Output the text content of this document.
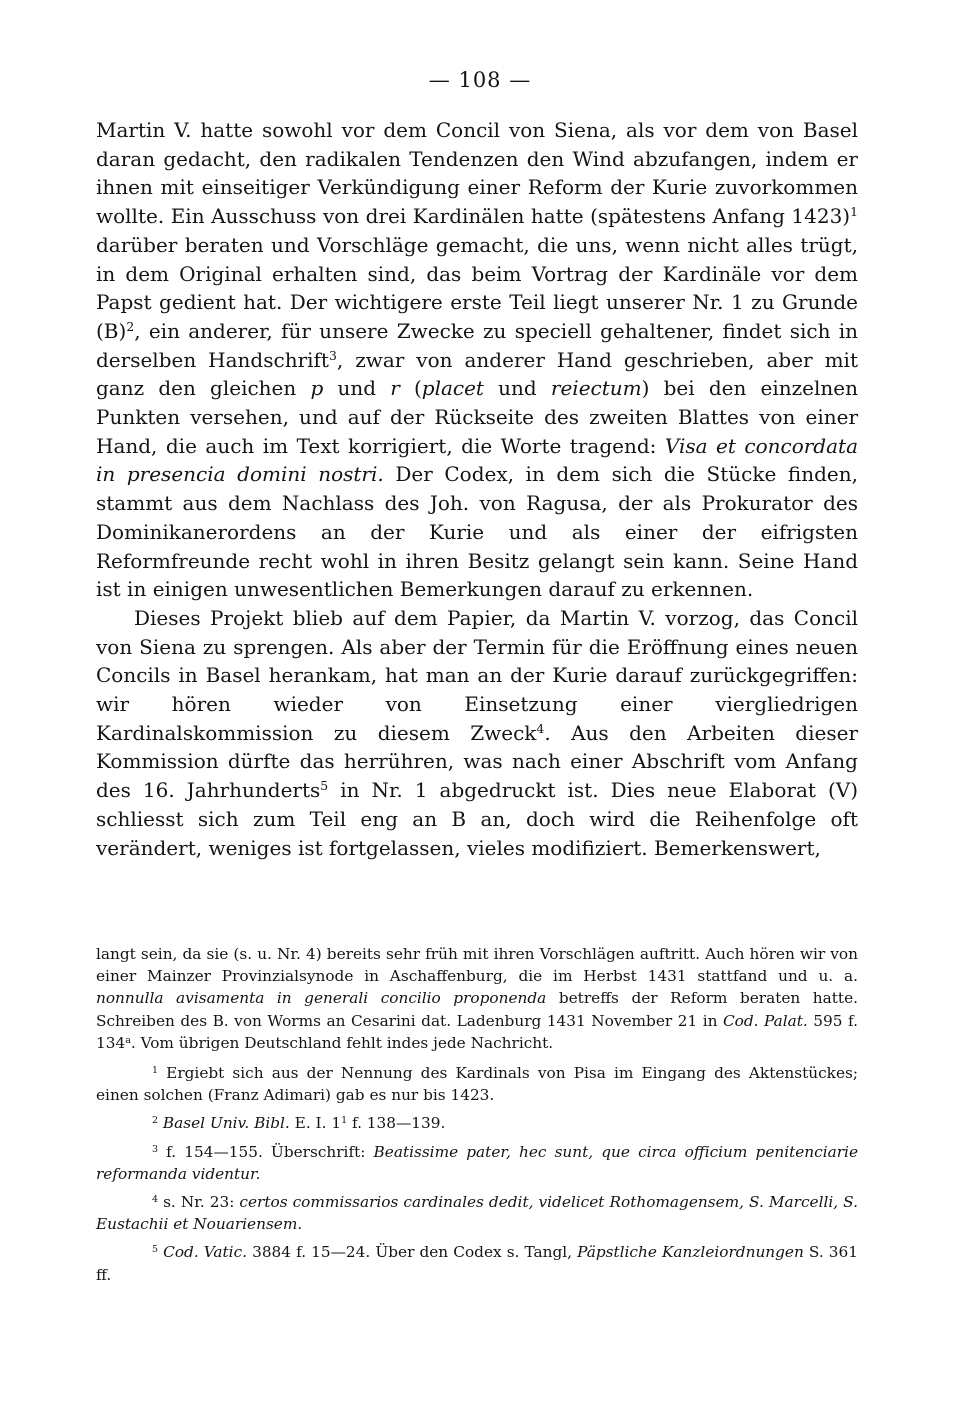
— 108 —

Martin V. hatte sowohl vor dem Concil von Siena, als vor dem von Basel daran gedacht, den radikalen Tendenzen den Wind abzufangen, indem er ihnen mit einseitiger Verkündigung einer Reform der Kurie zuvorkommen wollte. Ein Ausschuss von drei Kardinälen hatte (spätestens Anfang 1423)$^1$ darüber beraten und Vorschläge gemacht, die uns, wenn nicht alles trügt, in dem Original erhalten sind, das beim Vortrag der Kardinäle vor dem Papst gedient hat. Der wichtigere erste Teil liegt unserer Nr. 1 zu Grunde $(B)^2$, ein anderer, für unsere Zwecke zu speciell gehaltener, findet sich in derselben Handschrift$^3$, zwar von anderer Hand geschrieben, aber mit ganz den gleichen p und r (placet und reiectum) bei den einzelnen Punkten versehen, und auf der Rückseite des zweiten Blattes von einer Hand, die auch im Text korrigiert, die Worte tragend: Visa et concordata in presencia domini nostri. Der Codex, in dem sich die Stücke finden, stammt aus dem Nachlass des Joh. von Ragusa, der als Prokurator des Dominikanerordens an der Kurie und als einer der eifrigsten Reformfreunde recht wohl in ihren Besitz gelangt sein kann. Seine Hand ist in einigen unwesentlichen Bemerkungen darauf zu erkennen.

Dieses Projekt blieb auf dem Papier, da Martin V. vorzog, das Concil von Siena zu sprengen. Als aber der Termin für die Eröffnung eines neuen Concils in Basel herankam, hat man an der Kurie darauf zurückgegriffen: wir hören wieder von Einsetzung einer viergliedrigen Kardinalskommission zu diesem Zweck$^4$. Aus den Arbeiten dieser Kommission dürfte das herrühren, was nach einer Abschrift vom Anfang des 16. Jahrhunderts$^5$ in Nr. 1 abgedruckt ist. Dies neue Elaborat (V) schliesst sich zum Teil eng an B an, doch wird die Reihenfolge oft verändert, weniges ist fortgelassen, vieles modifiziert. Bemerkenswert,

langt sein, da sie (s. u. Nr. 4) bereits sehr früh mit ihren Vorschlägen auftritt. Auch hören wir von einer Mainzer Provinzialsynode in Aschaffenburg, die im Herbst 1431 stattfand und u. a. nonnulla avisamenta in generali concilio proponenda betreffs der Reform beraten hatte. Schreiben des B. von Worms an Cesarini dat. Ladenburg 1431 November 21 in Cod. Palat. 595 f. 134$^a$. Vom übrigen Deutschland fehlt indes jede Nachricht.

$^1$ Ergiebt sich aus der Nennung des Kardinals von Pisa im Eingang des Aktenstückes; einen solchen (Franz Adimari) gab es nur bis 1423.

$^2$ Basel Univ. Bibl. E. I. $1^1$ f. 138—139.

$^3$ f. 154—155. Überschrift: Beatissime pater, hec sunt, que circa officium penitenciarie reformanda videntur.

$^4$ s. Nr. 23: certos commissarios cardinales dedit, videlicet Rothomagensem, S. Marcelli, S. Eustachii et Nouariensem.

$^5$ Cod. Vatic. 3884 f. 15—24. Über den Codex s. Tangl, Päpstliche Kanzleiordnungen S. 361 ff.
